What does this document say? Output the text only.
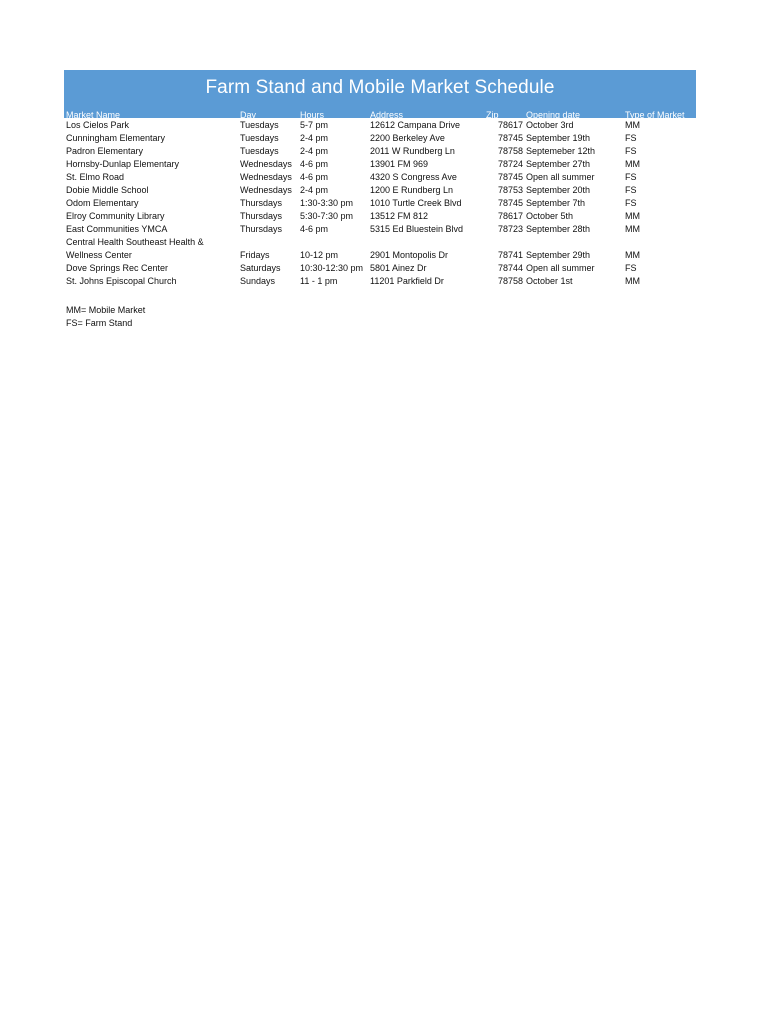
Farm Stand and Mobile Market Schedule
Market Name	Day	Hours	Address	Zip	Opening date	Type of Market
Los Cielos Park	Tuesdays 5-7 pm	12612 Campana Drive	78617 October 3rd	MM
Cunningham Elementary	Tuesdays 2-4 pm	2200 Berkeley Ave	78745 September 19th	FS
Padron Elementary	Tuesdays 2-4 pm	2011 W Rundberg Ln	78758 Septemeber 12th	FS
Hornsby-Dunlap Elementary	Wednesdays 4-6 pm	13901 FM 969	78724 September 27th	MM
St. Elmo Road	Wednesdays 4-6 pm	4320 S Congress Ave	78745 Open all summer	FS
Dobie Middle School	Wednesdays 2-4 pm	1200 E Rundberg Ln	78753 September 20th	FS
Odom Elementary	Thursdays 1:30-3:30 pm 1010 Turtle Creek Blvd	78745 September 7th	FS
Elroy Community Library	Thursdays 5:30-7:30 pm 13512 FM 812	78617 October 5th	MM
East Communities YMCA	Thursdays 4-6 pm	5315 Ed Bluestein Blvd	78723 September 28th	MM
Central Health Southeast Health &
Wellness Center	Fridays	10-12 pm	2901 Montopolis Dr	78741 September 29th	MM
Dove Springs Rec Center	Saturdays 10:30-12:30 pm 5801 Ainez Dr	78744 Open all summer	FS
St. Johns Episcopal Church	Sundays	11 - 1 pm	11201 Parkfield Dr	78758 October 1st	MM
MM= Mobile Market
FS= Farm Stand
